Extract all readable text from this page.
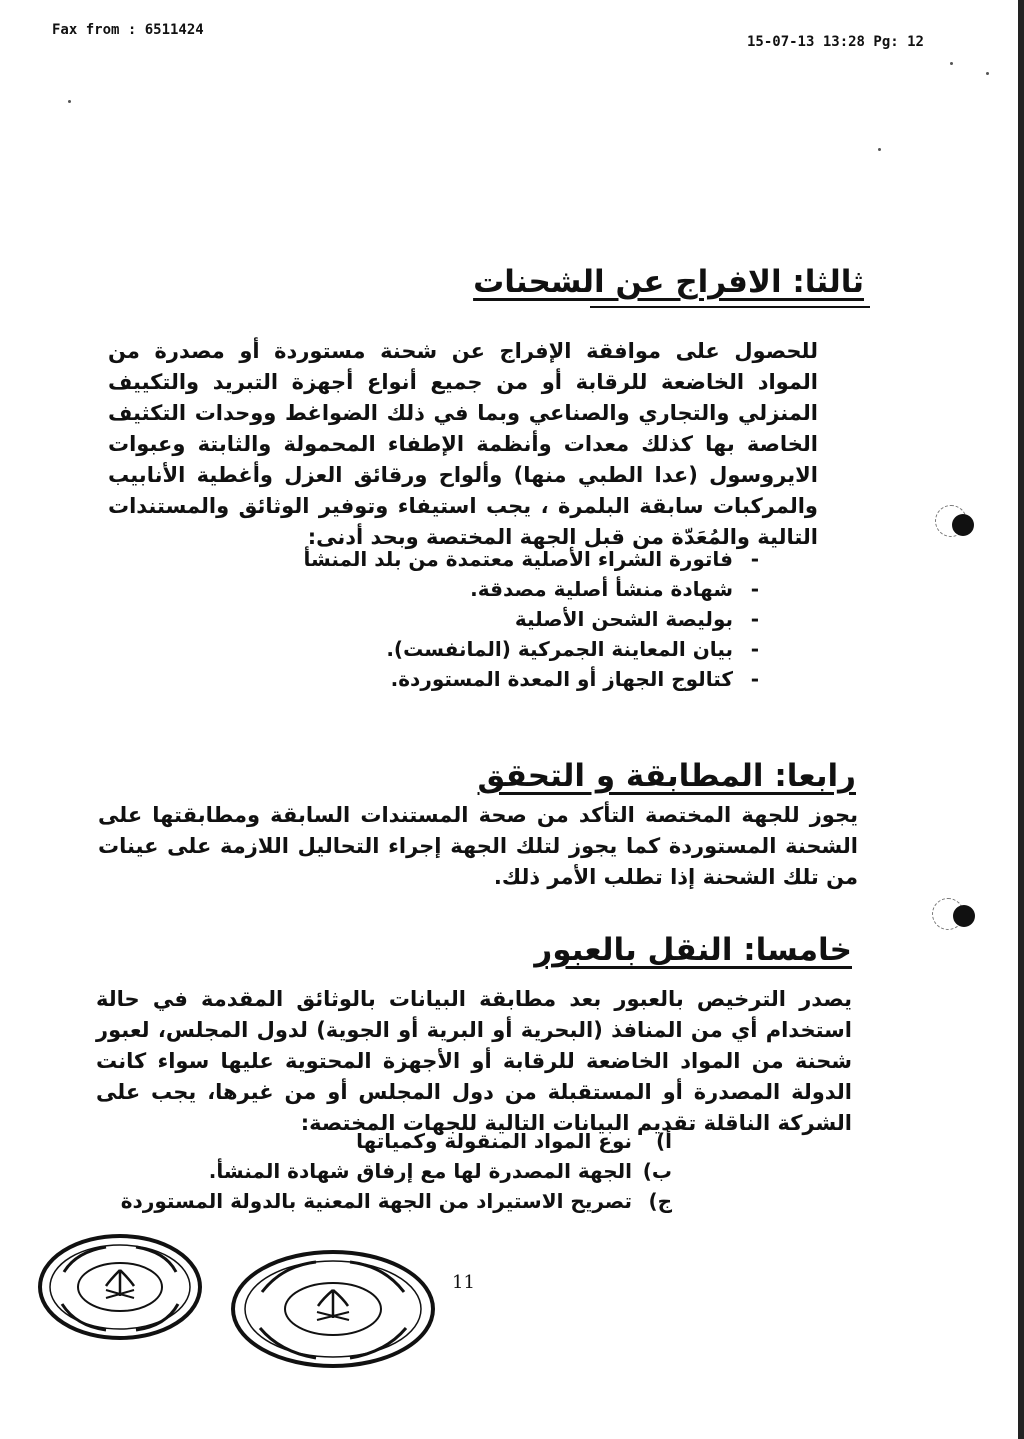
Fax from : 6511424
15-07-13 13:28 Pg: 12
ثالثا: الافراج عن الشحنات
للحصول على موافقة الإفراج عن شحنة مستوردة أو مصدرة من المواد الخاضعة للرقابة أو من جميع أنواع أجهزة التبريد والتكييف المنزلي والتجاري والصناعي وبما في ذلك الضواغط ووحدات التكثيف الخاصة بها كذلك معدات وأنظمة الإطفاء المحمولة والثابتة وعبوات الايروسول (عدا الطبي منها) وألواح ورقائق العزل وأغطية الأنابيب والمركبات سابقة البلمرة ، يجب استيفاء وتوفير الوثائق والمستندات التالية والمُعَدّة من قبل الجهة المختصة وبحد أدنى:
-فاتورة الشراء الأصلية معتمدة من بلد المنشأ
-شهادة منشأ أصلية مصدقة.
-بوليصة الشحن الأصلية
-بيان المعاينة الجمركية (المانفست).
-كتالوج الجهاز أو المعدة المستوردة.
رابعا: المطابقة و التحقق
يجوز للجهة المختصة التأكد من صحة المستندات السابقة ومطابقتها على الشحنة المستوردة كما يجوز لتلك الجهة إجراء التحاليل اللازمة على عينات من تلك الشحنة إذا تطلب الأمر ذلك.
خامسا: النقل بالعبور
يصدر الترخيص بالعبور بعد مطابقة البيانات بالوثائق المقدمة في حالة استخدام أي من المنافذ (البحرية أو البرية أو الجوية) لدول المجلس، لعبور شحنة من المواد الخاضعة للرقابة أو الأجهزة المحتوية عليها سواء كانت الدولة المصدرة أو المستقبلة من دول المجلس أو من غيرها، يجب على الشركة الناقلة تقديم البيانات التالية للجهات المختصة:
أ)نوع المواد المنقولة وكمياتها
ب)الجهة المصدرة لها مع إرفاق شهادة المنشأ.
ج)تصريح الاستيراد من الجهة المعنية بالدولة المستوردة
11
